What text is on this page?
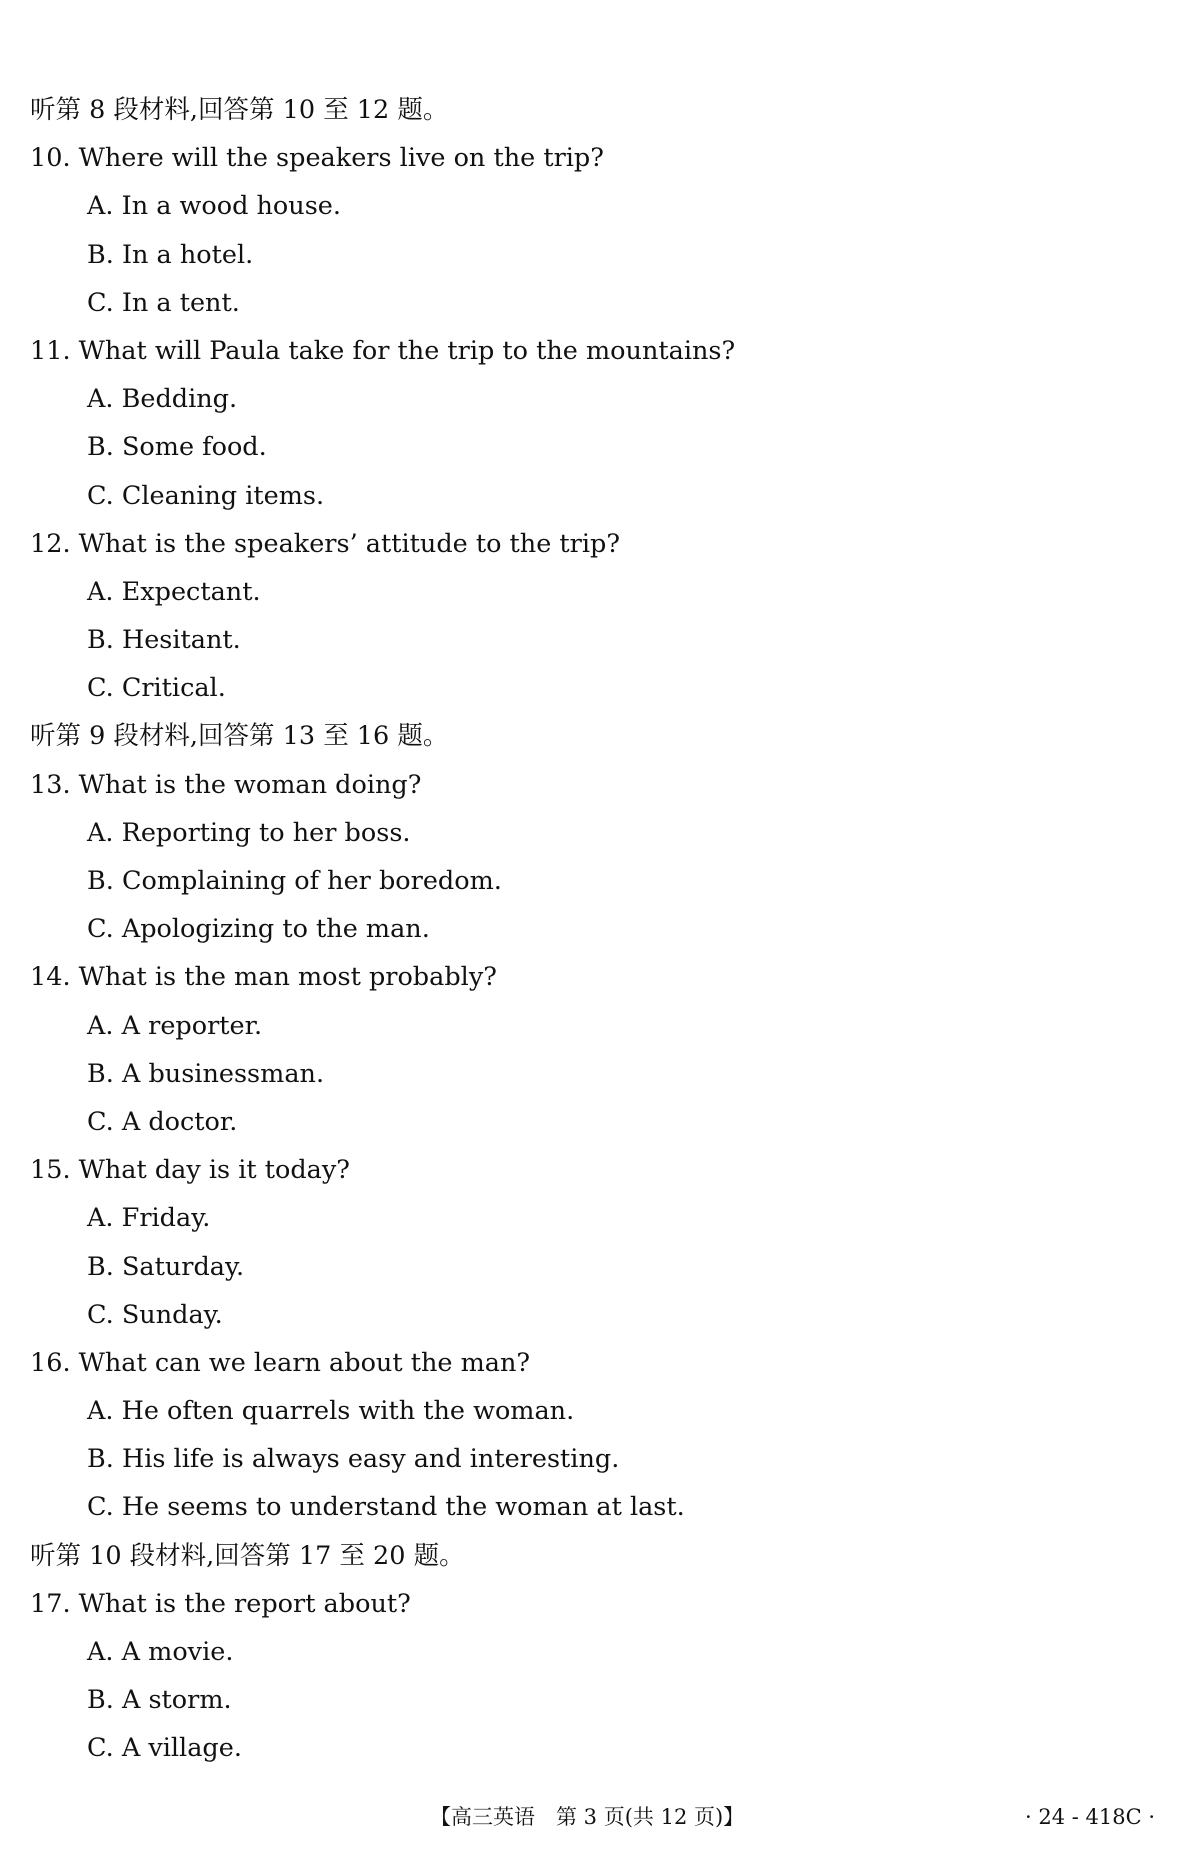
听第 8 段材料,回答第 10 至 12 题。
10. Where will the speakers live on the trip?
A. In a wood house.
B. In a hotel.
C. In a tent.
11. What will Paula take for the trip to the mountains?
A. Bedding.
B. Some food.
C. Cleaning items.
12. What is the speakers’ attitude to the trip?
A. Expectant.
B. Hesitant.
C. Critical.
听第 9 段材料,回答第 13 至 16 题。
13. What is the woman doing?
A. Reporting to her boss.
B. Complaining of her boredom.
C. Apologizing to the man.
14. What is the man most probably?
A. A reporter.
B. A businessman.
C. A doctor.
15. What day is it today?
A. Friday.
B. Saturday.
C. Sunday.
16. What can we learn about the man?
A. He often quarrels with the woman.
B. His life is always easy and interesting.
C. He seems to understand the woman at last.
听第 10 段材料,回答第 17 至 20 题。
17. What is the report about?
A. A movie.
B. A storm.
C. A village.
【高三英语　第 3 页(共 12 页)】	· 24 - 418C ·
